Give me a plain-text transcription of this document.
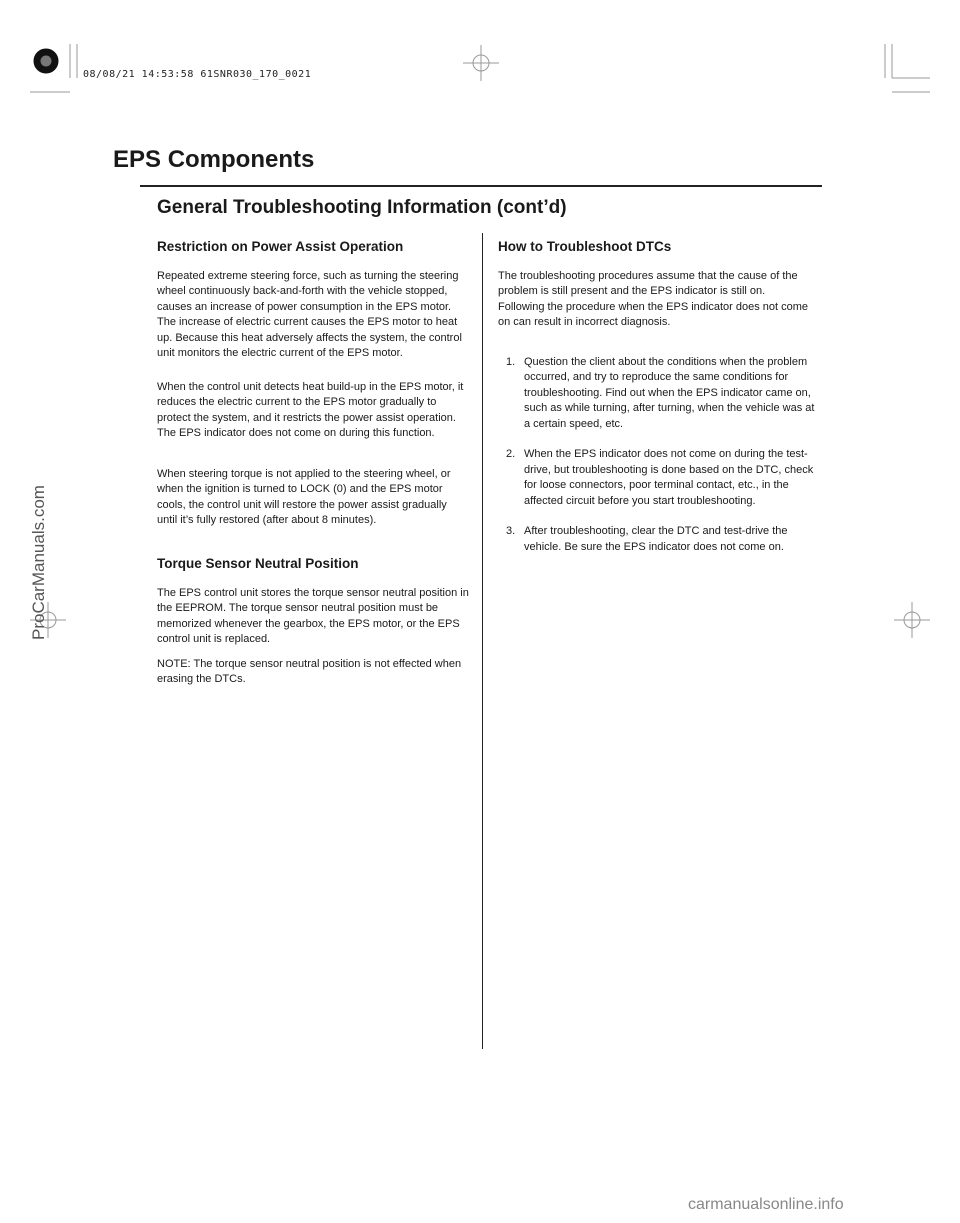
08/08/21 14:53:58 61SNR030_170_0021
EPS Components
General Troubleshooting Information (cont’d)
Restriction on Power Assist Operation

Repeated extreme steering force, such as turning the steering wheel continuously back-and-forth with the vehicle stopped, causes an increase of power consumption in the EPS motor. The increase of electric current causes the EPS motor to heat up. Because this heat adversely affects the system, the control unit monitors the electric current of the EPS motor.

When the control unit detects heat build-up in the EPS motor, it reduces the electric current to the EPS motor gradually to protect the system, and it restricts the power assist operation. The EPS indicator does not come on during this function.

When steering torque is not applied to the steering wheel, or when the ignition is turned to LOCK (0) and the EPS motor cools, the control unit will restore the power assist gradually until it’s fully restored (after about 8 minutes).

Torque Sensor Neutral Position

The EPS control unit stores the torque sensor neutral position in the EEPROM. The torque sensor neutral position must be memorized whenever the gearbox, the EPS motor, or the EPS control unit is replaced.

NOTE: The torque sensor neutral position is not effected when erasing the DTCs.

How to Troubleshoot DTCs

The troubleshooting procedures assume that the cause of the problem is still present and the EPS indicator is still on. Following the procedure when the EPS indicator does not come on can result in incorrect diagnosis.

1. Question the client about the conditions when the problem occurred, and try to reproduce the same conditions for troubleshooting. Find out when the EPS indicator came on, such as while turning, after turning, when the vehicle was at a certain speed, etc.
2. When the EPS indicator does not come on during the test-drive, but troubleshooting is done based on the DTC, check for loose connectors, poor terminal contact, etc., in the affected circuit before you start troubleshooting.
3. After troubleshooting, clear the DTC and test-drive the vehicle. Be sure the EPS indicator does not come on.
ProCarManuals.com
carmanualsonline.info
